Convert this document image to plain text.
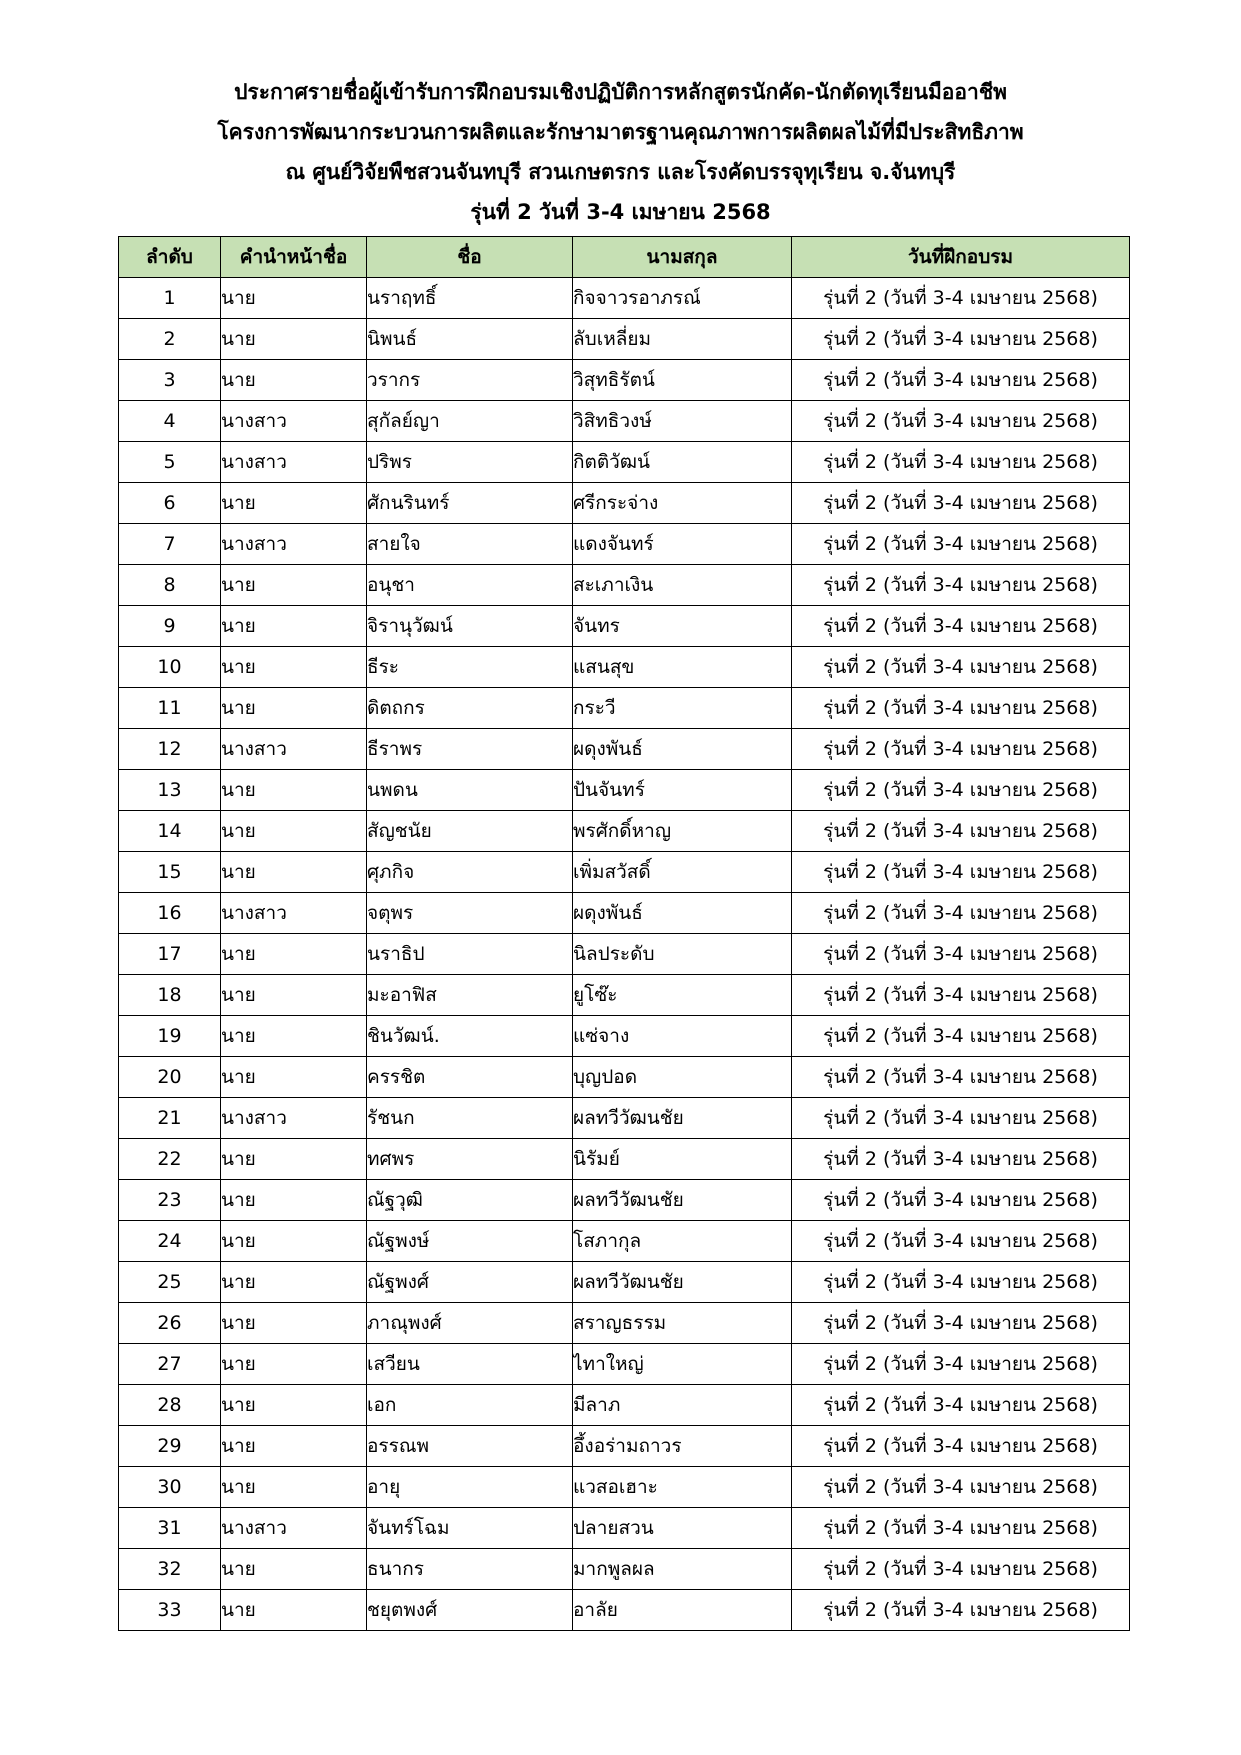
ประกาศรายชื่อผู้เข้ารับการฝึกอบรมเชิงปฏิบัติการหลักสูตรนักคัด-นักตัดทุเรียนมืออาชีพ
โครงการพัฒนากระบวนการผลิตและรักษามาตรฐานคุณภาพการผลิตผลไม้ที่มีประสิทธิภาพ
ณ ศูนย์วิจัยพืชสวนจันทบุรี สวนเกษตรกร และโรงคัดบรรจุทุเรียน จ.จันทบุรี
รุ่นที่ 2 วันที่ 3-4 เมษายน 2568
ลำดับ	คำนำหน้าชื่อ	ชื่อ	นามสกุล	วันที่ฝึกอบรม
1	นาย	นราฤทธิ์	กิจจาวรอาภรณ์	รุ่นที่ 2 (วันที่ 3-4 เมษายน 2568)
2	นาย	นิพนธ์	ลับเหลี่ยม	รุ่นที่ 2 (วันที่ 3-4 เมษายน 2568)
3	นาย	วรากร	วิสุทธิรัตน์	รุ่นที่ 2 (วันที่ 3-4 เมษายน 2568)
4	นางสาว	สุกัลย์ญา	วิสิทธิวงษ์	รุ่นที่ 2 (วันที่ 3-4 เมษายน 2568)
5	นางสาว	ปริพร	กิตติวัฒน์	รุ่นที่ 2 (วันที่ 3-4 เมษายน 2568)
6	นาย	ศักนรินทร์	ศรีกระจ่าง	รุ่นที่ 2 (วันที่ 3-4 เมษายน 2568)
7	นางสาว	สายใจ	แดงจันทร์	รุ่นที่ 2 (วันที่ 3-4 เมษายน 2568)
8	นาย	อนุชา	สะเภาเงิน	รุ่นที่ 2 (วันที่ 3-4 เมษายน 2568)
9	นาย	จิรานุวัฒน์	จันทร	รุ่นที่ 2 (วันที่ 3-4 เมษายน 2568)
10	นาย	ธีระ	แสนสุข	รุ่นที่ 2 (วันที่ 3-4 เมษายน 2568)
11	นาย	ดิตถกร	กระวี	รุ่นที่ 2 (วันที่ 3-4 เมษายน 2568)
12	นางสาว	ธีราพร	ผดุงพันธ์	รุ่นที่ 2 (วันที่ 3-4 เมษายน 2568)
13	นาย	นพดน	ปันจันทร์	รุ่นที่ 2 (วันที่ 3-4 เมษายน 2568)
14	นาย	สัญชนัย	พรศักดิ์หาญ	รุ่นที่ 2 (วันที่ 3-4 เมษายน 2568)
15	นาย	ศุภกิจ	เพิ่มสวัสดิ์	รุ่นที่ 2 (วันที่ 3-4 เมษายน 2568)
16	นางสาว	จตุพร	ผดุงพันธ์	รุ่นที่ 2 (วันที่ 3-4 เมษายน 2568)
17	นาย	นราธิป	นิลประดับ	รุ่นที่ 2 (วันที่ 3-4 เมษายน 2568)
18	นาย	มะอาฟิส	ยูโซ๊ะ	รุ่นที่ 2 (วันที่ 3-4 เมษายน 2568)
19	นาย	ชินวัฒน์.	แซ่จาง	รุ่นที่ 2 (วันที่ 3-4 เมษายน 2568)
20	นาย	ครรชิต	บุญปอด	รุ่นที่ 2 (วันที่ 3-4 เมษายน 2568)
21	นางสาว	รัชนก	ผลทวีวัฒนชัย	รุ่นที่ 2 (วันที่ 3-4 เมษายน 2568)
22	นาย	ทศพร	นิรัมย์	รุ่นที่ 2 (วันที่ 3-4 เมษายน 2568)
23	นาย	ณัฐวุฒิ	ผลทวีวัฒนชัย	รุ่นที่ 2 (วันที่ 3-4 เมษายน 2568)
24	นาย	ณัฐพงษ์	โสภากุล	รุ่นที่ 2 (วันที่ 3-4 เมษายน 2568)
25	นาย	ณัฐพงศ์	ผลทวีวัฒนชัย	รุ่นที่ 2 (วันที่ 3-4 เมษายน 2568)
26	นาย	ภาณุพงศ์	สราญธรรม	รุ่นที่ 2 (วันที่ 3-4 เมษายน 2568)
27	นาย	เสวียน	ไทาใหญ่	รุ่นที่ 2 (วันที่ 3-4 เมษายน 2568)
28	นาย	เอก	มีลาภ	รุ่นที่ 2 (วันที่ 3-4 เมษายน 2568)
29	นาย	อรรณพ	อึ้งอร่ามถาวร	รุ่นที่ 2 (วันที่ 3-4 เมษายน 2568)
30	นาย	อายุ	แวสอเฮาะ	รุ่นที่ 2 (วันที่ 3-4 เมษายน 2568)
31	นางสาว	จันทร์โฉม	ปลายสวน	รุ่นที่ 2 (วันที่ 3-4 เมษายน 2568)
32	นาย	ธนากร	มากพูลผล	รุ่นที่ 2 (วันที่ 3-4 เมษายน 2568)
33	นาย	ชยุตพงศ์	อาลัย	รุ่นที่ 2 (วันที่ 3-4 เมษายน 2568)
